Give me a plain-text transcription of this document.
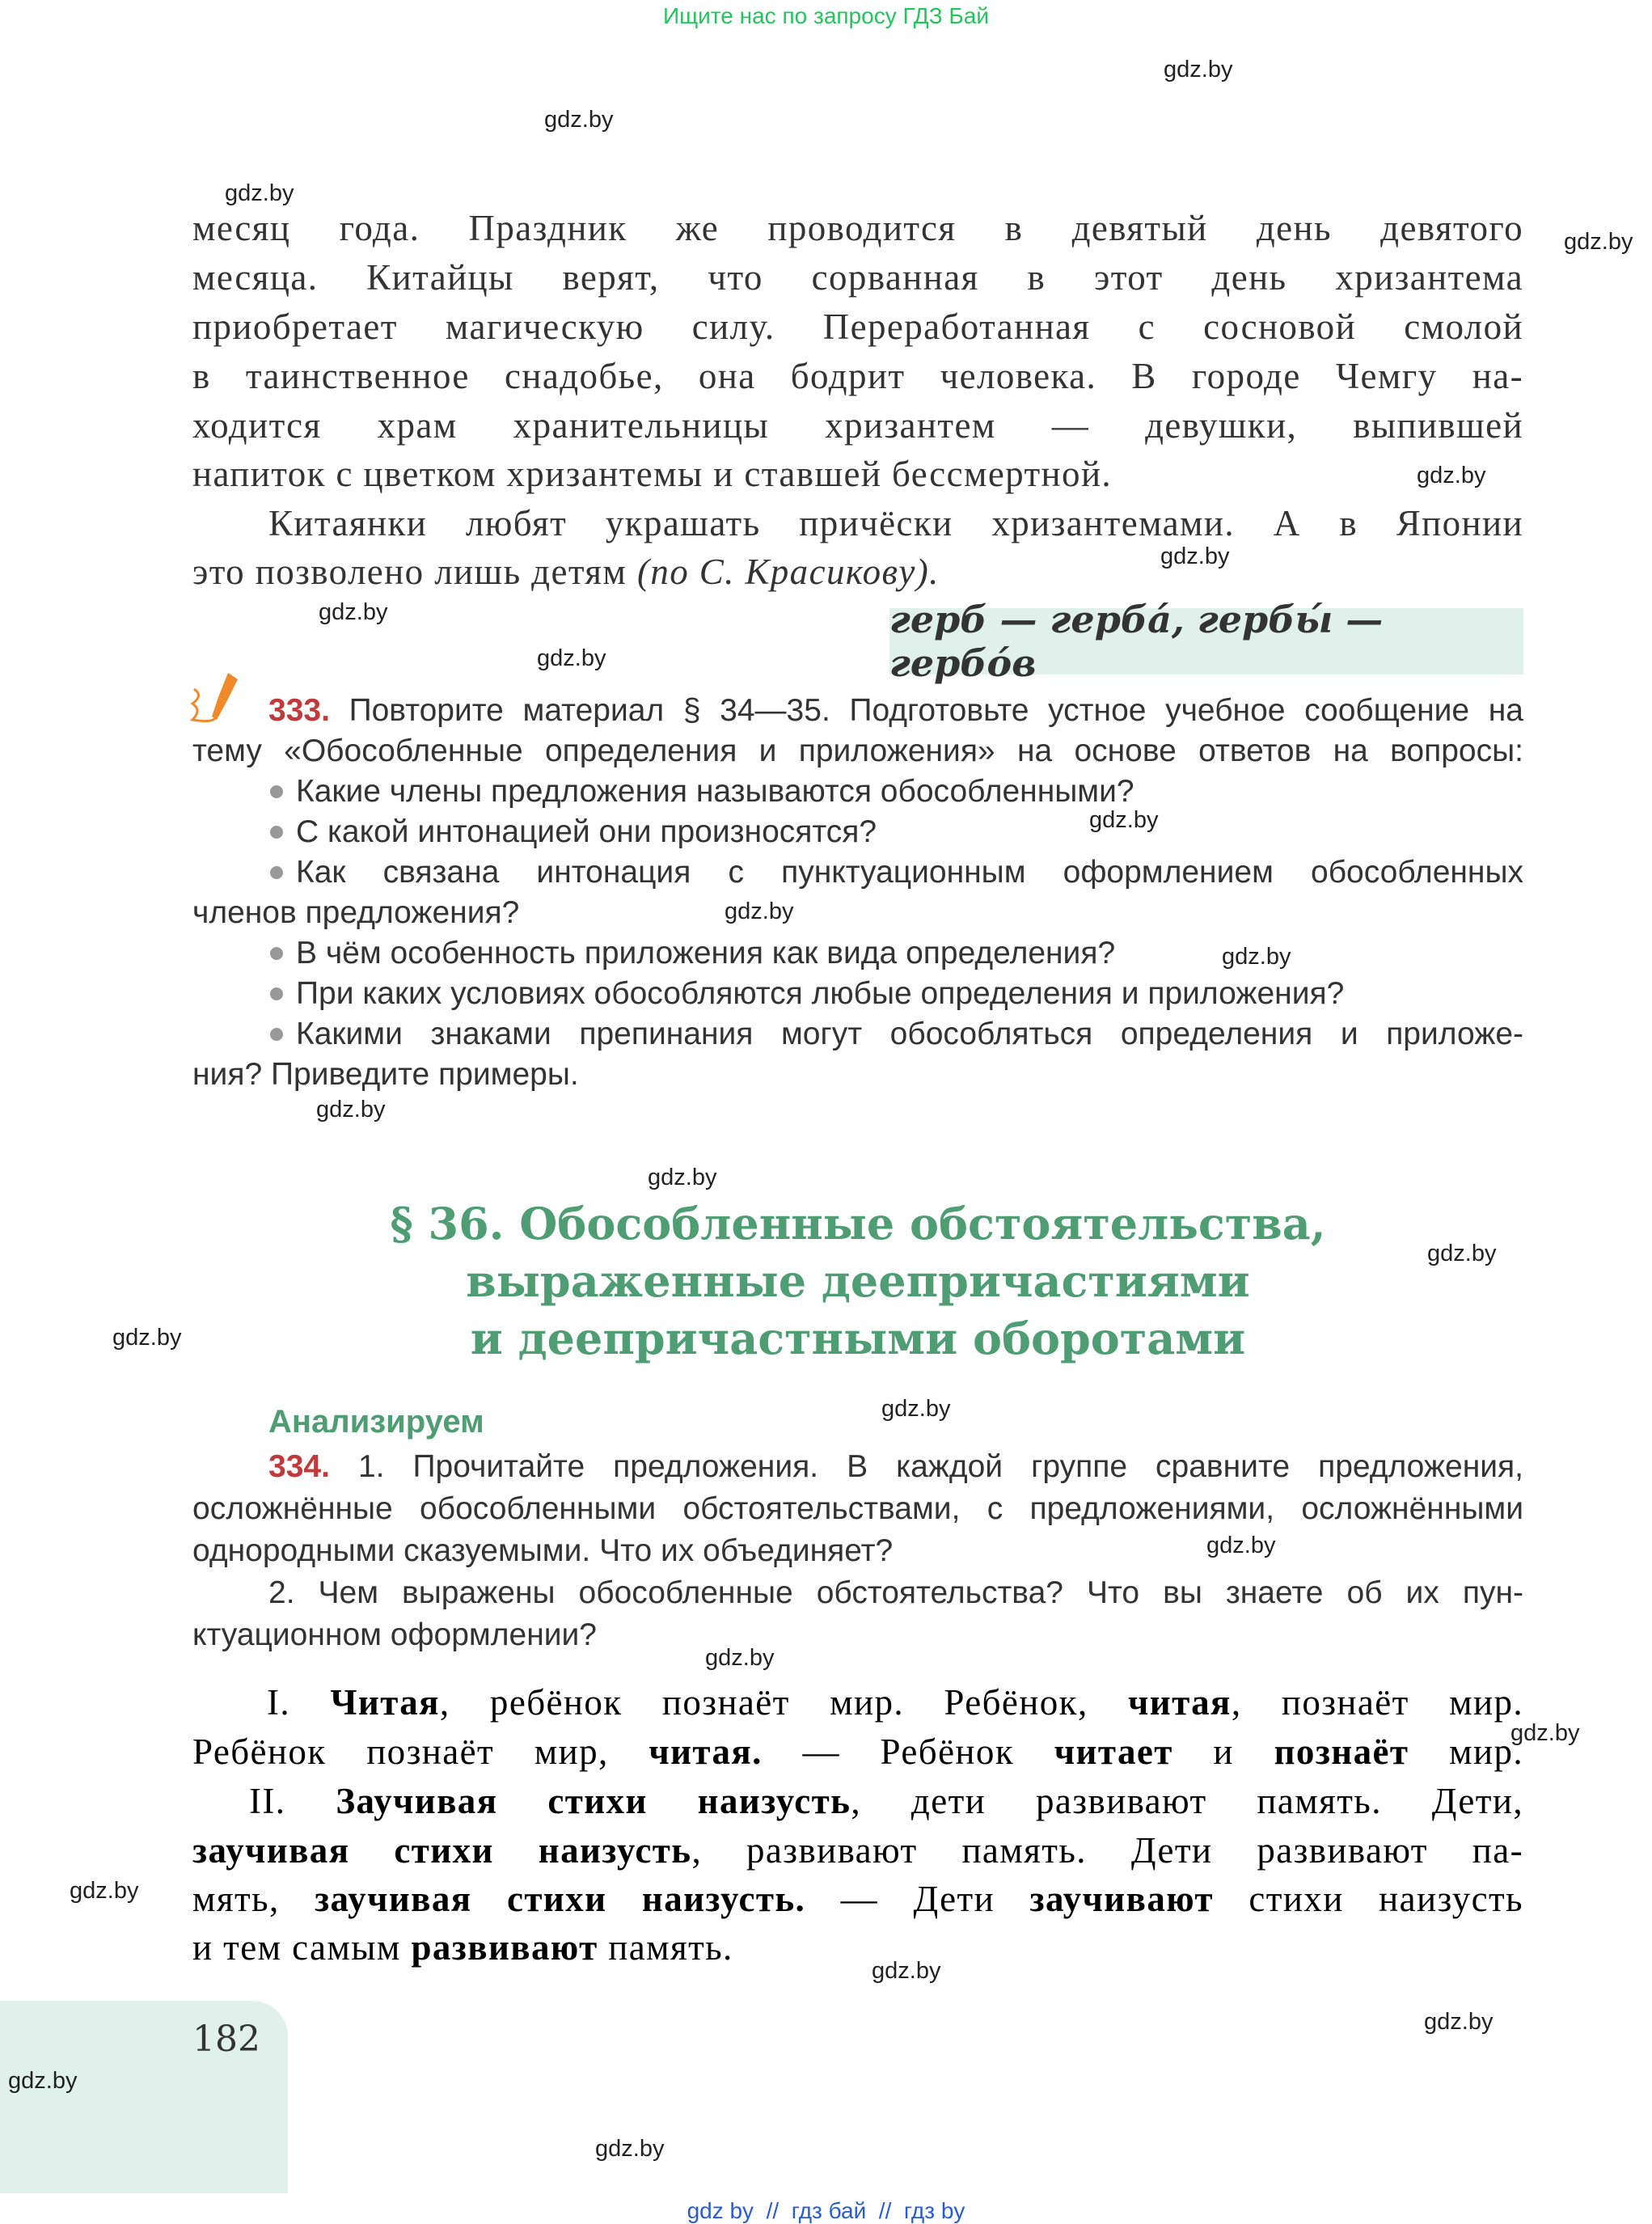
Ищите нас по запросу ГДЗ Бай
месяц года. Праздник же проводится в девятый день девятого
месяца. Китайцы верят, что сорванная в этот день хризантема
приобретает магическую силу. Переработанная с сосновой смолой
в таинственное снадобье, она бодрит человека. В городе Чемгу на-
ходится храм хранительницы хризантем — девушки, выпившей
напиток с цветком хризантемы и ставшей бессмертной.
Китаянки любят украшать причёски хризантемами. А в Японии
это позволено лишь детям (по С. Красикову).
герб — гербá, гербы́ — гербóв
333. Повторите материал § 34—35. Подготовьте устное учебное сообщение на
тему «Обособленные определения и приложения» на основе ответов на вопросы:
Какие члены предложения называются обособленными?
С какой интонацией они произносятся?
Как связана интонация с пунктуационным оформлением обособленных
членов предложения?
В чём особенность приложения как вида определения?
При каких условиях обособляются любые определения и приложения?
Какими знаками препинания могут обособляться определения и приложе-
ния? Приведите примеры.
§ 36. Обособленные обстоятельства,
выраженные деепричастиями
и деепричастными оборотами
Анализируем
334. 1. Прочитайте предложения. В каждой группе сравните предложения,
осложнённые обособленными обстоятельствами, с предложениями, осложнёнными
однородными сказуемыми. Что их объединяет?
2. Чем выражены обособленные обстоятельства? Что вы знаете об их пун-
ктуационном оформлении?
I. Читая, ребёнок познаёт мир. Ребёнок, читая, познаёт мир.
Ребёнок познаёт мир, читая. — Ребёнок читает и познаёт мир.
II. Заучивая стихи наизусть, дети развивают память. Дети,
заучивая стихи наизусть, развивают память. Дети развивают па-
мять, заучивая стихи наизусть. — Дети заучивают стихи наизусть
и тем самым развивают память.
182
gdz by  //  гдз бай  //  гдз by
gdz.by
gdz.by
gdz.by
gdz.by
gdz.by
gdz.by
gdz.by
gdz.by
gdz.by
gdz.by
gdz.by
gdz.by
gdz.by
gdz.by
gdz.by
gdz.by
gdz.by
gdz.by
gdz.by
gdz.by
gdz.by
gdz.by
gdz.by
gdz.by
